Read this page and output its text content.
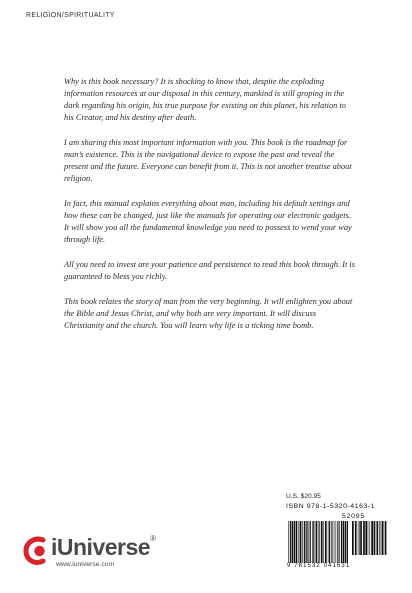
RELIGION/SPIRITUALITY

Why is this book necessary? It is shocking to know that, despite the exploding information resources at our disposal in this century, mankind is still groping in the dark regarding his origin, his true purpose for existing on this planet, his relation to his Creator, and his destiny after death.

I am sharing this most important information with you. This book is the roadmap for man’s existence. This is the navigational device to expose the past and reveal the present and the future. Everyone can benefit from it. This is not another treatise about religion.

In fact, this manual explains everything about man, including his default settings and how these can be changed, just like the manuals for operating our electronic gadgets. It will show you all the fundamental knowledge you need to possess to wend your way through life.

All you need to invest are your patience and persistence to read this book through. It is guaranteed to bless you richly.

This book relates the story of man from the very beginning. It will enlighten you about the Bible and Jesus Christ, and why both are very important. It will discuss Christianity and the church. You will learn why life is a ticking time bomb.

iUniverse®
www.iuniverse.com
U.S. $20.95
ISBN 978-1-5320-4163-1
52095
9 781532 041631
